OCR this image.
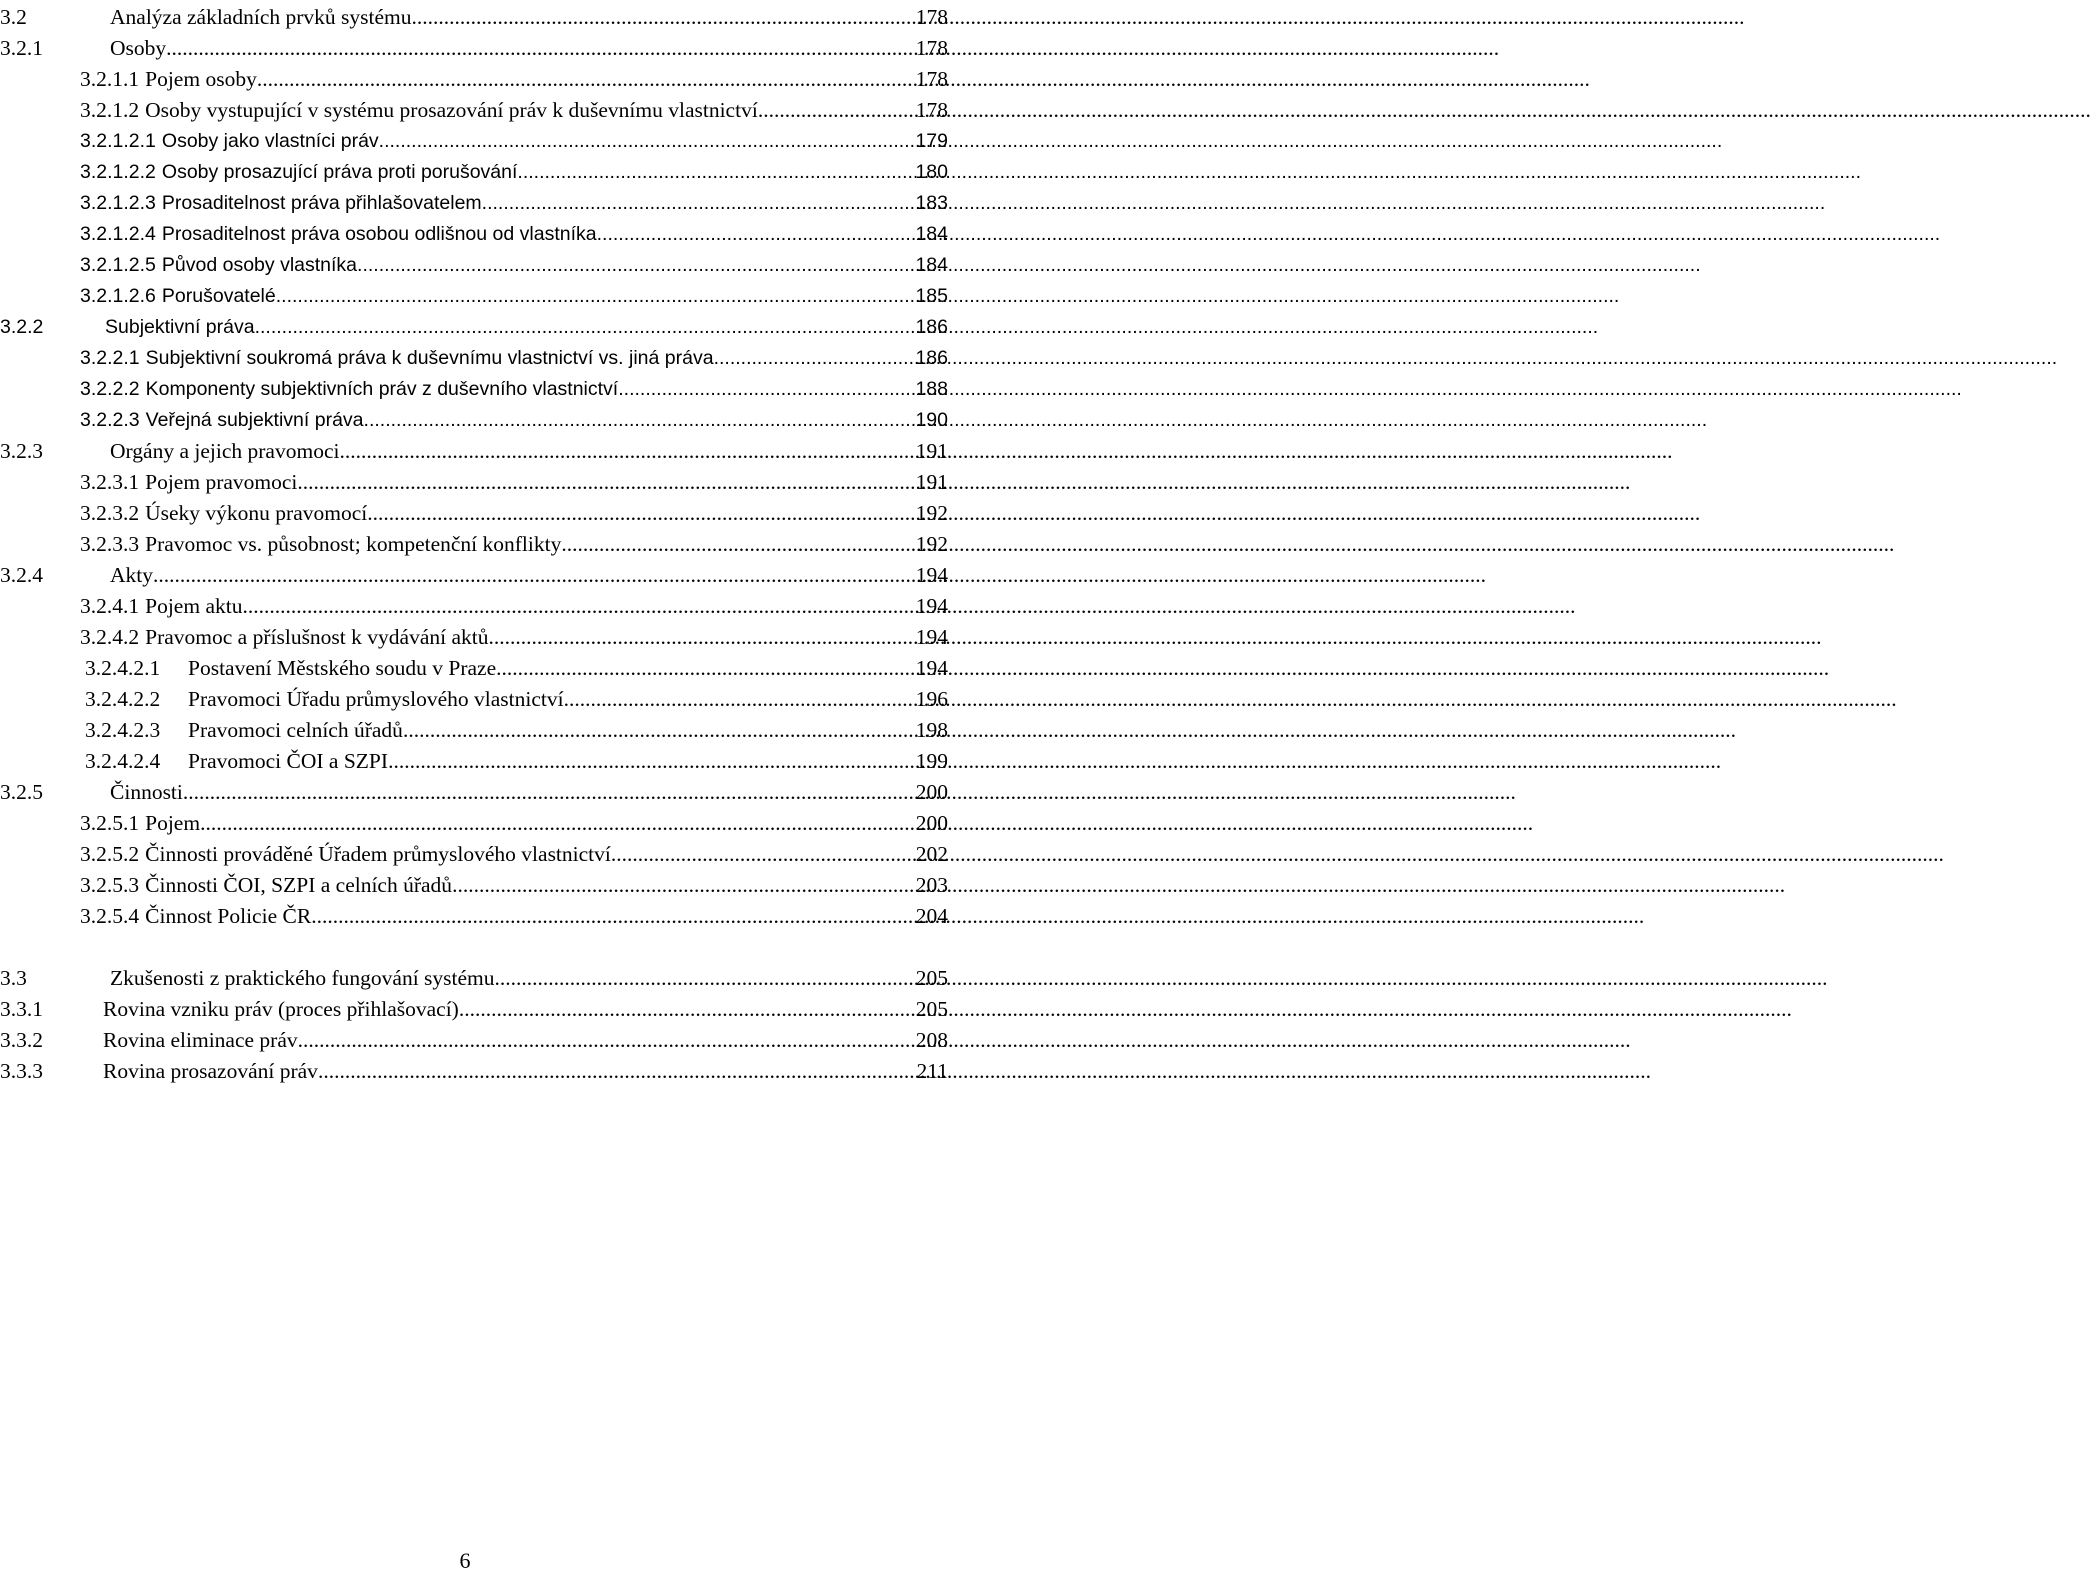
3.2	Analýza základních prvků systému .....	178
3.2.1	Osoby .....	178
3.2.1.1 Pojem osoby .....	178
3.2.1.2 Osoby vystupující v systému prosazování práv k duševnímu vlastnictví .....	178
3.2.1.2.1 Osoby jako vlastníci práv .....	179
3.2.1.2.2 Osoby prosazující práva proti porušování .....	180
3.2.1.2.3 Prosaditelnost práva přihlašovatelem .....	183
3.2.1.2.4 Prosaditelnost práva osobou odlišnou od vlastníka .....	184
3.2.1.2.5 Původ osoby vlastníka .....	184
3.2.1.2.6 Porušovatelé .....	185
3.2.2	Subjektivní práva .....	186
3.2.2.1 Subjektivní soukromá práva k duševnímu vlastnictví vs. jiná práva .....	186
3.2.2.2 Komponenty subjektivních práv z duševního vlastnictví .....	188
3.2.2.3 Veřejná subjektivní práva .....	190
3.2.3	Orgány a jejich pravomoci .....	191
3.2.3.1 Pojem pravomoci .....	191
3.2.3.2 Úseky výkonu pravomocí .....	192
3.2.3.3 Pravomoc vs. působnost; kompetenční konflikty .....	192
3.2.4	Akty .....	194
3.2.4.1 Pojem aktu .....	194
3.2.4.2 Pravomoc a příslušnost k vydávání aktů .....	194
3.2.4.2.1	Postavení Městského soudu v Praze .....	194
3.2.4.2.2	Pravomoci Úřadu průmyslového vlastnictví .....	196
3.2.4.2.3	Pravomoci celních úřadů .....	198
3.2.4.2.4	Pravomoci ČOI a SZPI .....	199
3.2.5	Činnosti .....	200
3.2.5.1 Pojem .....	200
3.2.5.2 Činnosti prováděné Úřadem průmyslového vlastnictví .....	202
3.2.5.3 Činnosti ČOI, SZPI a celních úřadů .....	203
3.2.5.4 Činnost Policie ČR .....	204
3.3	Zkušenosti z praktického fungování systému .....	205
3.3.1	Rovina vzniku práv (proces přihlašovací) .....	205
3.3.2	Rovina eliminace práv .....	208
3.3.3	Rovina prosazování práv .....	211
6
